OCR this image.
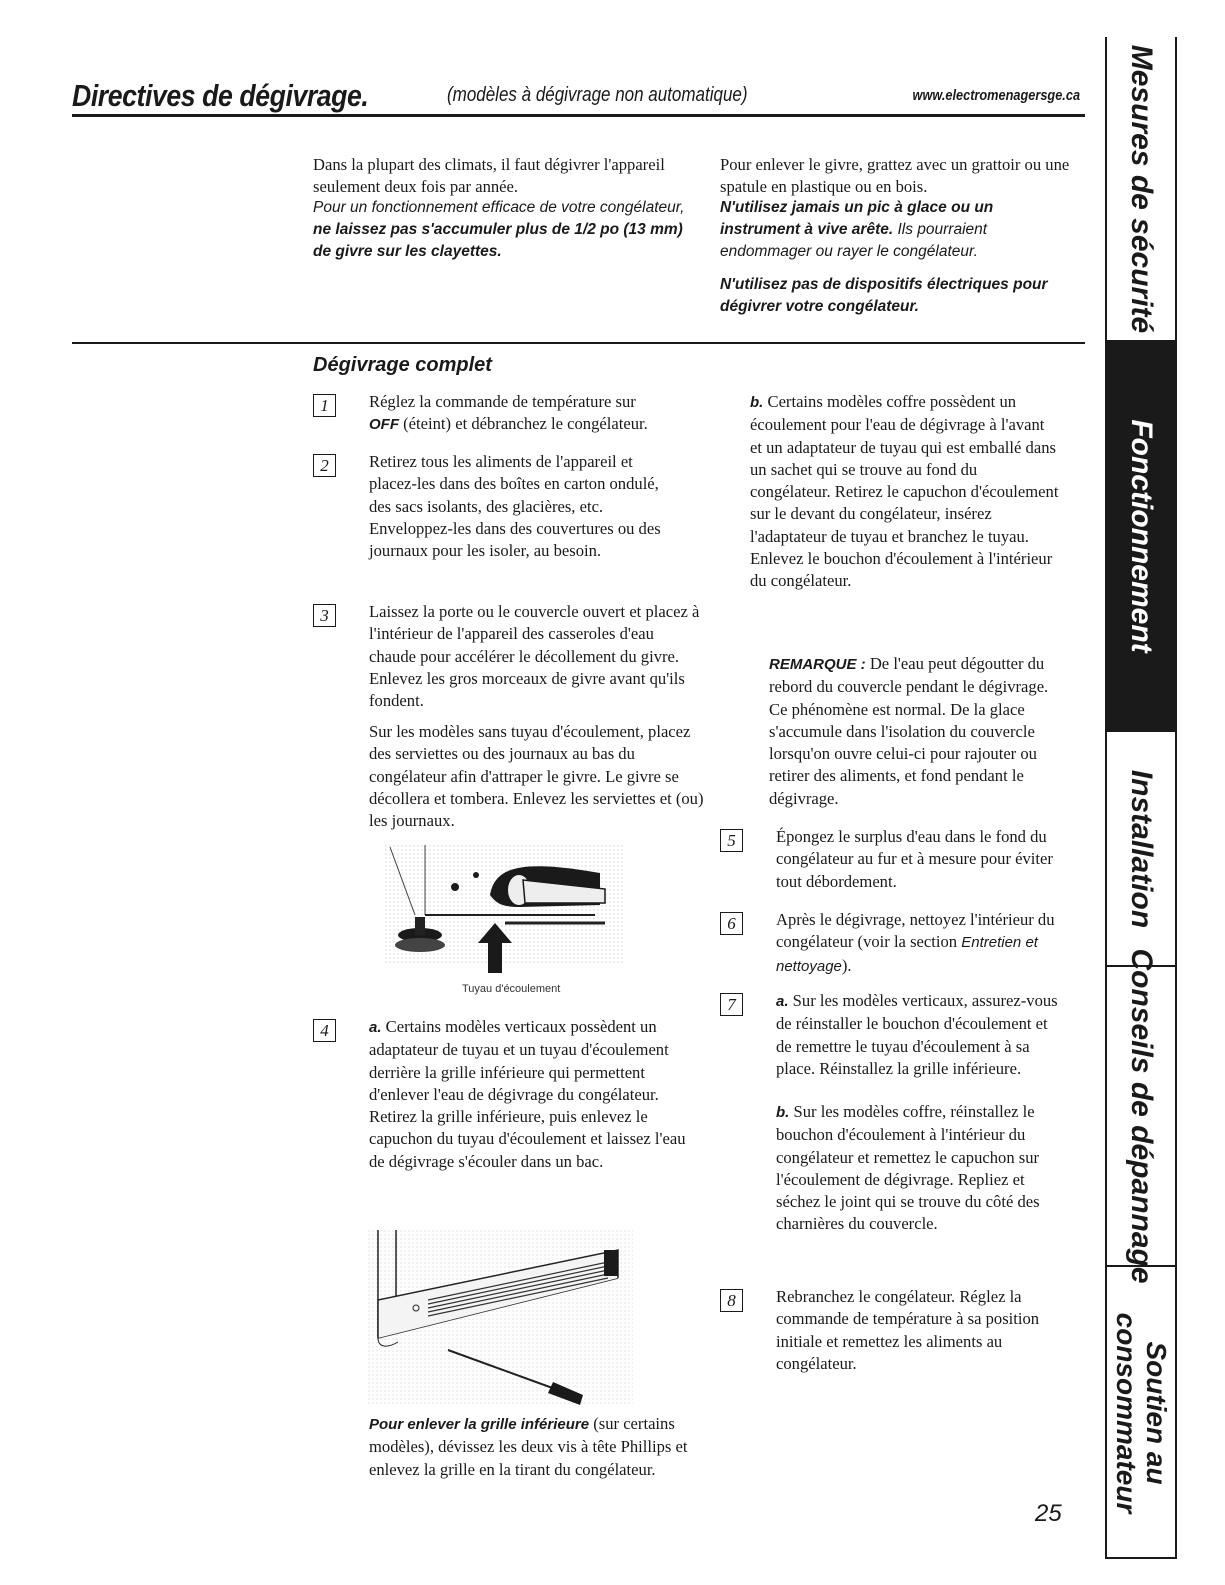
Directives de dégivrage.	(modèles à dégivrage non automatique)	www.electromenagersge.ca

Dans la plupart des climats, il faut dégivrer l'appareil seulement deux fois par année.

Pour un fonctionnement efficace de votre congélateur, ne laissez pas s'accumuler plus de 1/2 po (13 mm) de givre sur les clayettes.

Pour enlever le givre, grattez avec un grattoir ou une spatule en plastique ou en bois.

N'utilisez jamais un pic à glace ou un instrument à vive arête. Ils pourraient endommager ou rayer le congélateur.

N'utilisez pas de dispositifs électriques pour dégivrer votre congélateur.

Dégivrage complet
1	Réglez la commande de température sur

OFF (éteint) et débranchez le congélateur.

2	Retirez tous les aliments de l'appareil et placez-les dans des boîtes en carton ondulé, des sacs isolants, des glacières, etc. Enveloppez-les dans des couvertures ou des journaux pour les isoler, au besoin.

3	Laissez la porte ou le couvercle ouvert et placez à l'intérieur de l'appareil des casseroles d'eau chaude pour accélérer le décollement du givre. Enlevez les gros morceaux de givre avant qu'ils fondent.

Sur les modèles sans tuyau d'écoulement, placez des serviettes ou des journaux au bas du congélateur afin d'attraper le givre. Le givre se décollera et tombera. Enlevez les serviettes et (ou) les journaux.

Tuyau d'écoulement
4	a. Certains modèles verticaux possèdent un adaptateur de tuyau et un tuyau d'écoulement derrière la grille inférieure qui permettent d'enlever l'eau de dégivrage du congélateur. Retirez la grille inférieure, puis enlevez le capuchon du tuyau d'écoulement et laissez l'eau de dégivrage s'écouler dans un bac.

Pour enlever la grille inférieure (sur certains modèles), dévissez les deux vis à tête Phillips et enlevez la grille en la tirant du congélateur.

b. Certains modèles coffre possèdent un écoulement pour l'eau de dégivrage à l'avant et un adaptateur de tuyau qui est emballé dans un sachet qui se trouve au fond du congélateur. Retirez le capuchon d'écoulement sur le devant du congélateur, insérez l'adaptateur de tuyau et branchez le tuyau. Enlevez le bouchon d'écoulement à l'intérieur du congélateur.

REMARQUE : De l'eau peut dégoutter du rebord du couvercle pendant le dégivrage. Ce phénomène est normal. De la glace s'accumule dans l'isolation du couvercle lorsqu'on ouvre celui-ci pour rajouter ou retirer des aliments, et fond pendant le dégivrage.

5	Épongez le surplus d'eau dans le fond du congélateur au fur et à mesure pour éviter tout débordement.

6	Après le dégivrage, nettoyez l'intérieur du congélateur (voir la section Entretien et nettoyage).

7	a. Sur les modèles verticaux, assurez-vous de réinstaller le bouchon d'écoulement et de remettre le tuyau d'écoulement à sa place. Réinstallez la grille inférieure.

b. Sur les modèles coffre, réinstallez le bouchon d'écoulement à l'intérieur du congélateur et remettez le capuchon sur l'écoulement de dégivrage. Repliez et séchez le joint qui se trouve du côté des charnières du couvercle.

8	Rebranchez le congélateur. Réglez la commande de température à sa position initiale et remettez les aliments au congélateur.

25
Mesures de sécurité
Fonctionnement
Installation
Conseils de dépannage
Soutien au
consommateur
